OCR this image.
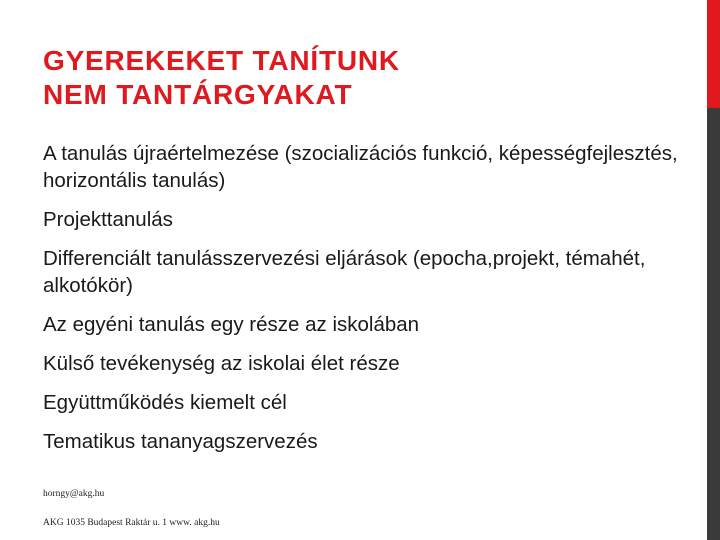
GYEREKEKET TANÍTUNK
NEM TANTÁRGYAKAT
A tanulás újraértelmezése (szocializációs funkció, képességfejlesztés, horizontális tanulás)
Projekttanulás
Differenciált tanulásszervezési eljárások (epocha,projekt, témahét, alkotókör)
Az egyéni tanulás egy része az iskolában
Külső tevékenység az iskolai élet része
Együttműködés kiemelt cél
Tematikus tananyagszervezés
horngy@akg.hu
AKG 1035 Budapest Raktár u. 1 www. akg.hu
